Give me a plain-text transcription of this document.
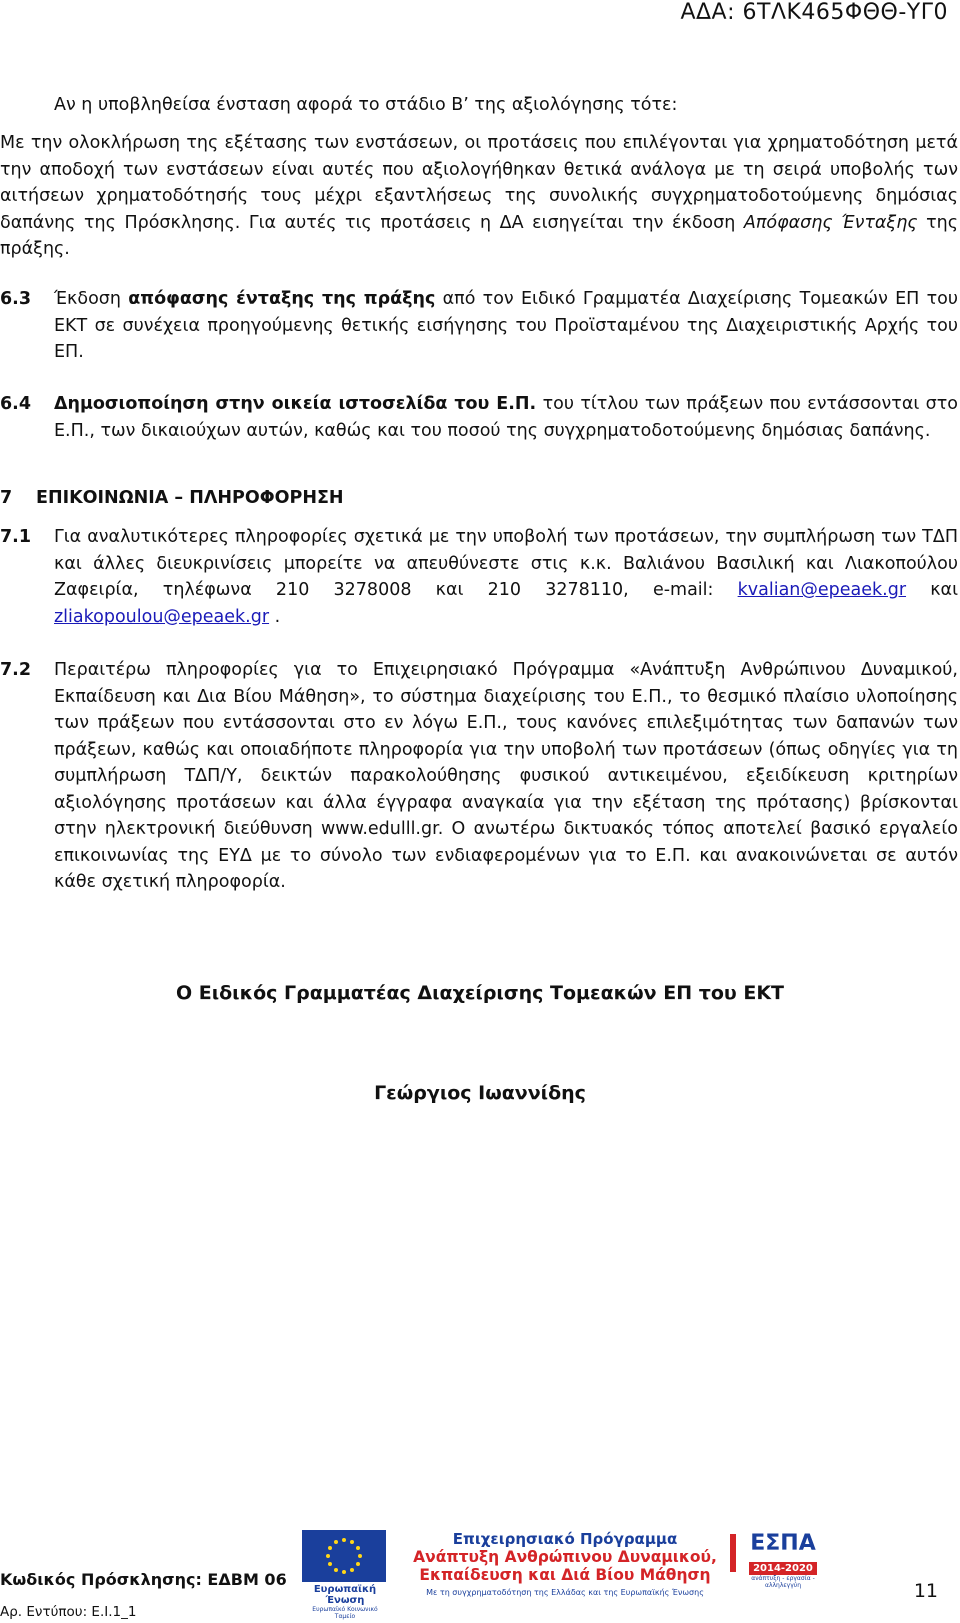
ΑΔΑ: 6ΤΛΚ465ΦΘΘ-ΥΓ0
Αν η υποβληθείσα ένσταση αφορά το στάδιο Β’ της αξιολόγησης τότε:
Με την ολοκλήρωση της εξέτασης των ενστάσεων, οι προτάσεις που επιλέγονται για χρηματοδότηση μετά την αποδοχή των ενστάσεων είναι αυτές που αξιολογήθηκαν θετικά ανάλογα με τη σειρά υποβολής των αιτήσεων χρηματοδότησής τους μέχρι εξαντλήσεως της συνολικής συγχρηματοδοτούμενης δημόσιας δαπάνης της Πρόσκλησης. Για αυτές τις προτάσεις η ΔΑ εισηγείται την έκδοση Απόφασης Ένταξης της πράξης.
6.3 Έκδοση απόφασης ένταξης της πράξης από τον Ειδικό Γραμματέα Διαχείρισης Τομεακών ΕΠ του ΕΚΤ σε συνέχεια προηγούμενης θετικής εισήγησης του Προϊσταμένου της Διαχειριστικής Αρχής του ΕΠ.
6.4 Δημοσιοποίηση στην οικεία ιστοσελίδα του Ε.Π. του τίτλου των πράξεων που εντάσσονται στο Ε.Π., των δικαιούχων αυτών, καθώς και του ποσού της συγχρηματοδοτούμενης δημόσιας δαπάνης.
7 ΕΠΙΚΟΙΝΩΝΙΑ – ΠΛΗΡΟΦΟΡΗΣΗ
7.1 Για αναλυτικότερες πληροφορίες σχετικά με την υποβολή των προτάσεων, την συμπλήρωση των ΤΔΠ και άλλες διευκρινίσεις μπορείτε να απευθύνεστε στις κ.κ. Βαλιάνου Βασιλική και Λιακοπούλου Ζαφειρία, τηλέφωνα 210 3278008 και 210 3278110, e-mail: kvalian@epeaek.gr και zliakopoulou@epeaek.gr .
7.2 Περαιτέρω πληροφορίες για το Επιχειρησιακό Πρόγραμμα «Ανάπτυξη Ανθρώπινου Δυναμικού, Εκπαίδευση και Δια Βίου Μάθηση», το σύστημα διαχείρισης του Ε.Π., το θεσμικό πλαίσιο υλοποίησης των πράξεων που εντάσσονται στο εν λόγω Ε.Π., τους κανόνες επιλεξιμότητας των δαπανών των πράξεων, καθώς και οποιαδήποτε πληροφορία για την υποβολή των προτάσεων (όπως οδηγίες για τη συμπλήρωση ΤΔΠ/Υ, δεικτών παρακολούθησης φυσικού αντικειμένου, εξειδίκευση κριτηρίων αξιολόγησης προτάσεων και άλλα έγγραφα αναγκαία για την εξέταση της πρότασης) βρίσκονται στην ηλεκτρονική διεύθυνση www.edulll.gr. Ο ανωτέρω δικτυακός τόπος αποτελεί βασικό εργαλείο επικοινωνίας της ΕΥΔ με το σύνολο των ενδιαφερομένων για το Ε.Π. και ανακοινώνεται σε αυτόν κάθε σχετική πληροφορία.
Ο Ειδικός Γραμματέας Διαχείρισης Τομεακών ΕΠ του ΕΚΤ
Γεώργιος Ιωαννίδης
Κωδικός Πρόσκλησης: ΕΔΒΜ 06
Αρ. Εντύπου: Ε.Ι.1_1
Ευρωπαϊκή Ένωση
Ευρωπαϊκό Κοινωνικό Ταμείο
Επιχειρησιακό Πρόγραμμα
Ανάπτυξη Ανθρώπινου Δυναμικού,
Εκπαίδευση και Διά Βίου Μάθηση
Με τη συγχρηματοδότηση της Ελλάδας και της Ευρωπαϊκής Ένωσης
ΕΣΠΑ
2014-2020
ανάπτυξη - εργασία - αλληλεγγύη	11
